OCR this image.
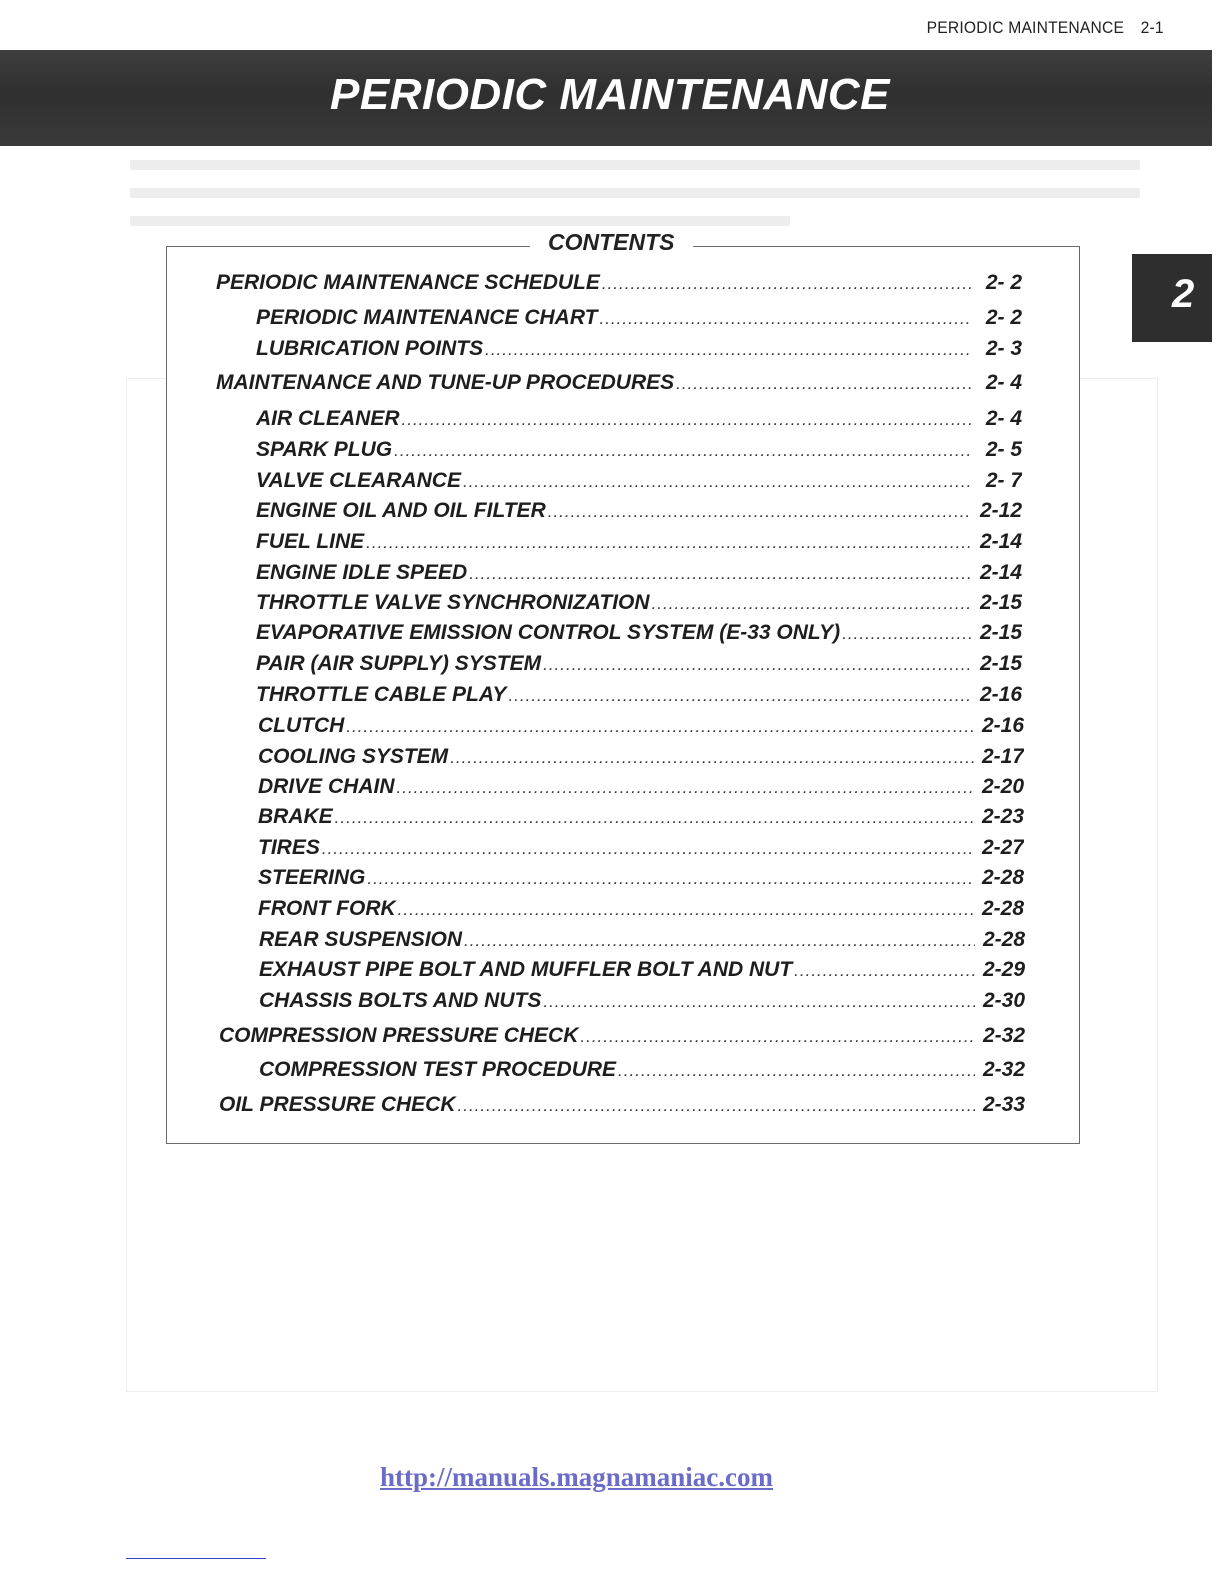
PERIODIC MAINTENANCE 2-1
PERIODIC MAINTENANCE
2
CONTENTS
PERIODIC MAINTENANCE SCHEDULE .....	2- 2
PERIODIC MAINTENANCE CHART .....	2- 2
LUBRICATION POINTS .....	2- 3
MAINTENANCE AND TUNE-UP PROCEDURES .....	2- 4
AIR CLEANER .....	2- 4
SPARK PLUG .....	2- 5
VALVE CLEARANCE .....	2- 7
ENGINE OIL AND OIL FILTER .....	2-12
FUEL LINE .....	2-14
ENGINE IDLE SPEED .....	2-14
THROTTLE VALVE SYNCHRONIZATION .....	2-15
EVAPORATIVE EMISSION CONTROL SYSTEM (E-33 ONLY) .....	2-15
PAIR (AIR SUPPLY) SYSTEM .....	2-15
THROTTLE CABLE PLAY .....	2-16
CLUTCH .....	2-16
COOLING SYSTEM .....	2-17
DRIVE CHAIN .....	2-20
BRAKE .....	2-23
TIRES .....	2-27
STEERING .....	2-28
FRONT FORK .....	2-28
REAR SUSPENSION .....	2-28
EXHAUST PIPE BOLT AND MUFFLER BOLT AND NUT .....	2-29
CHASSIS BOLTS AND NUTS .....	2-30
COMPRESSION PRESSURE CHECK .....	2-32
COMPRESSION TEST PROCEDURE .....	2-32
OIL PRESSURE CHECK .....	2-33
http://manuals.magnamaniac.com
